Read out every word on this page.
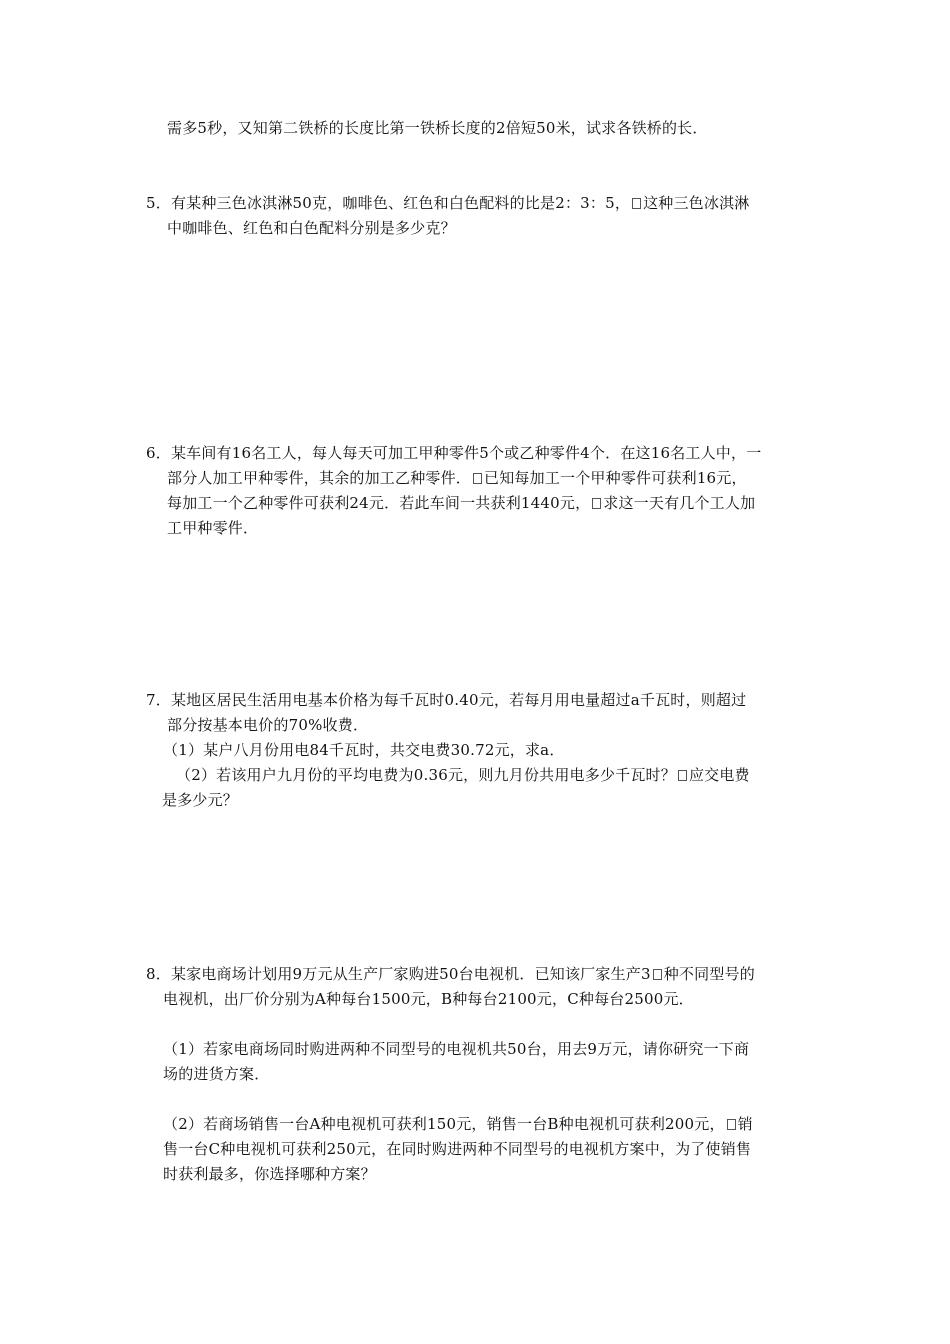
需多5秒，又知第二铁桥的长度比第一铁桥长度的2倍短50米，试求各铁桥的长．
5．有某种三色冰淇淋50克，咖啡色、红色和白色配料的比是2：3：5， 这种三色冰淇淋
中咖啡色、红色和白色配料分别是多少克？
6．某车间有16名工人，每人每天可加工甲种零件5个或乙种零件4个．在这16名工人中，一
部分人加工甲种零件，其余的加工乙种零件． 已知每加工一个甲种零件可获利16元，
每加工一个乙种零件可获利24元．若此车间一共获利1440元， 求这一天有几个工人加
工甲种零件．
7．某地区居民生活用电基本价格为每千瓦时0.40元，若每月用电量超过a千瓦时，则超过
部分按基本电价的70%收费．
（1）某户八月份用电84千瓦时，共交电费30.72元，求a．
（2）若该用户九月份的平均电费为0.36元，则九月份共用电多少千瓦时？ 应交电费
是多少元？
8．某家电商场计划用9万元从生产厂家购进50台电视机．已知该厂家生产3 种不同型号的
电视机，出厂价分别为A种每台1500元，B种每台2100元，C种每台2500元．
（1）若家电商场同时购进两种不同型号的电视机共50台，用去9万元，请你研究一下商
场的进货方案．
（2）若商场销售一台A种电视机可获利150元，销售一台B种电视机可获利200元， 销
售一台C种电视机可获利250元，在同时购进两种不同型号的电视机方案中，为了使销售
时获利最多，你选择哪种方案？
